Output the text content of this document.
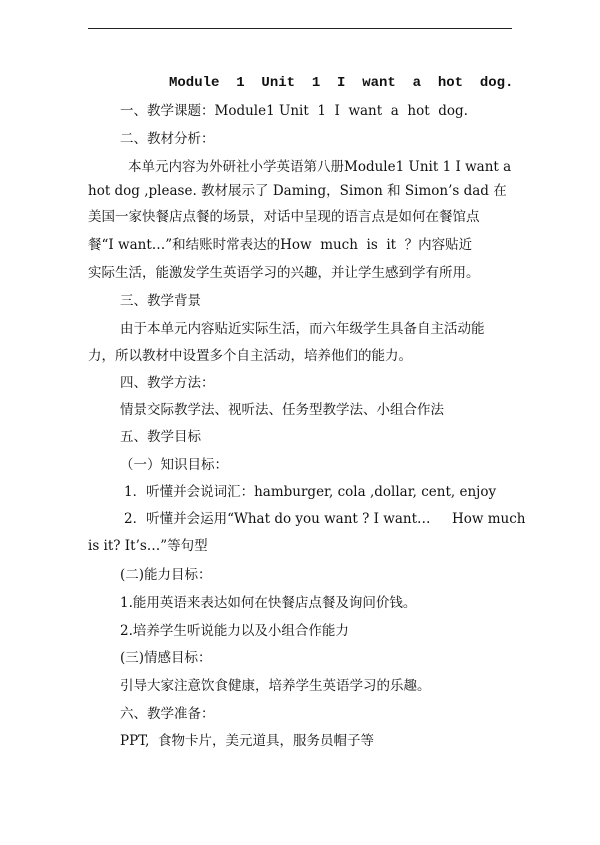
Module  1  Unit  1  I  want  a  hot  dog.
一、教学课题：Module1 Unit  1  I  want  a  hot  dog.
二、教材分析：
本单元内容为外研社小学英语第八册Module1 Unit 1 I want a
hot dog ,please. 教材展示了 Daming，Simon 和 Simon’s dad 在
美国一家快餐店点餐的场景，对话中呈现的语言点是如何在餐馆点
餐“I want…”和结账时常表达的How  much  is  it  ？内容贴近
实际生活，能激发学生英语学习的兴趣，并让学生感到学有所用。
三、教学背景
由于本单元内容贴近实际生活，而六年级学生具备自主活动能
力，所以教材中设置多个自主活动，培养他们的能力。
四、教学方法：
情景交际教学法、视听法、任务型教学法、小组合作法
五、教学目标
（一）知识目标：
1．听懂并会说词汇：hamburger, cola ,dollar, cent, enjoy
2．听懂并会运用“What do you want ? I want…     How much
is it? It’s…”等句型
(二)能力目标：
1.能用英语来表达如何在快餐店点餐及询问价钱。
2.培养学生听说能力以及小组合作能力
(三)情感目标：
引导大家注意饮食健康，培养学生英语学习的乐趣。
六、教学准备：
PPT,  食物卡片，美元道具，服务员帽子等
